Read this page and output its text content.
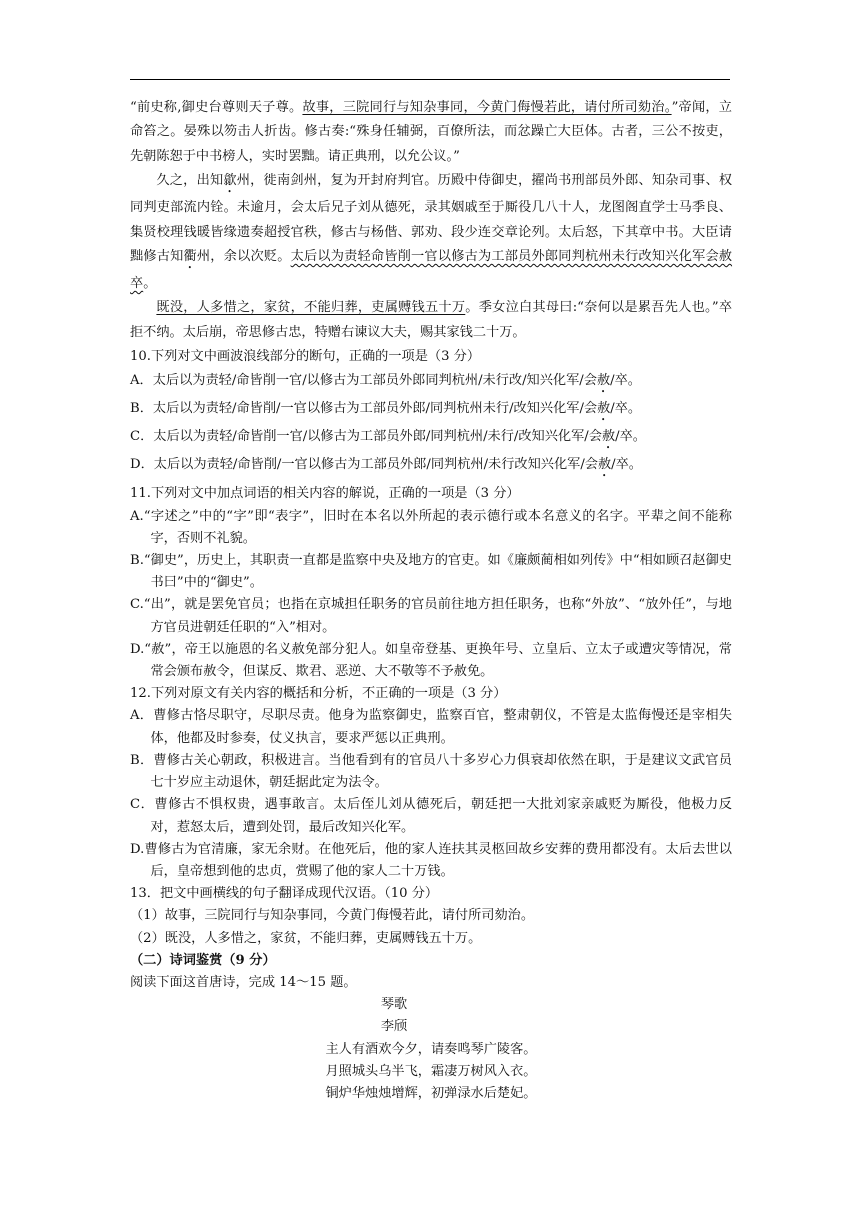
“前史称,御史台尊则天子尊。故事，三院同行与知杂事同，今黄门侮慢若此，请付所司劾治。”帝闻，立命笞之。晏殊以笏击人折齿。修古奏:“殊身任辅弼，百僚所法，而忿躁亡大臣体。古者，三公不按吏，先朝陈恕于中书榜人，实时罢黜。请正典刑，以允公议。”

久之，出知歙州，徙南剑州，复为开封府判官。历殿中侍御史，擢尚书刑部员外郎、知杂司事、权同判吏部流内铨。未逾月，会太后兄子刘从德死，录其姻戚至于厮役几八十人，龙图阁直学士马季良、集贤校理钱暖皆缘遗奏超授官秩，修古与杨偕、郭劝、段少连交章论列。太后怒，下其章中书。大臣请黜修古知衢州，余以次贬。太后以为责轻命皆削一官以修古为工部员外郎同判杭州未行改知兴化军会赦卒。

既没，人多惜之，家贫，不能归葬，吏属赙钱五十万。季女泣白其母曰:“奈何以是累吾先人也。”卒拒不纳。太后崩，帝思修古忠，特赠右谏议大夫，赐其家钱二十万。

10.下列对文中画波浪线部分的断句，正确的一项是（3 分）

A．太后以为责轻/命皆削一官/以修古为工部员外郎同判杭州/未行改/知兴化军/会赦/卒。

B．太后以为责轻/命皆削/一官以修古为工部员外郎/同判杭州未行/改知兴化军/会赦/卒。

C．太后以为责轻/命皆削一官/以修古为工部员外郎/同判杭州/未行/改知兴化军/会赦/卒。

D．太后以为责轻/命皆削/一官以修古为工部员外郎/同判杭州/未行改知兴化军/会赦/卒。

11.下列对文中加点词语的相关内容的解说，正确的一项是（3 分）

A.“字述之”中的“字”即“表字”，旧时在本名以外所起的表示德行或本名意义的名字。平辈之间不能称字，否则不礼貌。

B.“御史”，历史上，其职责一直都是监察中央及地方的官吏。如《廉颇蔺相如列传》中“相如顾召赵御史书曰”中的“御史”。

C.“出”，就是罢免官员；也指在京城担任职务的官员前往地方担任职务，也称“外放”、“放外任”，与地方官员进朝廷任职的“入”相对。

D.“赦”，帝王以施恩的名义赦免部分犯人。如皇帝登基、更换年号、立皇后、立太子或遭灾等情况，常常会颁布赦令，但谋反、欺君、恶逆、大不敬等不予赦免。

12.下列对原文有关内容的概括和分析，不正确的一项是（3 分）

A．曹修古恪尽职守，尽职尽责。他身为监察御史，监察百官，整肃朝仪，不管是太监侮慢还是宰相失体，他都及时参奏，仗义执言，要求严惩以正典刑。

B．曹修古关心朝政，积极进言。当他看到有的官员八十多岁心力俱衰却依然在职，于是建议文武官员七十岁应主动退休，朝廷据此定为法令。

C．曹修古不惧权贵，遇事敢言。太后侄儿刘从德死后，朝廷把一大批刘家亲戚贬为厮役，他极力反对，惹怒太后，遭到处罚，最后改知兴化军。

D.曹修古为官清廉，家无余财。在他死后，他的家人连扶其灵柩回故乡安葬的费用都没有。太后去世以后，皇帝想到他的忠贞，赏赐了他的家人二十万钱。

13．把文中画横线的句子翻译成现代汉语。（10 分）

（1）故事，三院同行与知杂事同，今黄门侮慢若此，请付所司劾治。

（2）既没，人多惜之，家贫，不能归葬，吏属赙钱五十万。

（二）诗词鉴赏（9 分）

阅读下面这首唐诗，完成 14～15 题。

琴歌

李颀

主人有酒欢今夕，请奏鸣琴广陵客。

月照城头乌半飞，霜凄万树风入衣。

铜炉华烛烛增辉，初弹渌水后楚妃。
